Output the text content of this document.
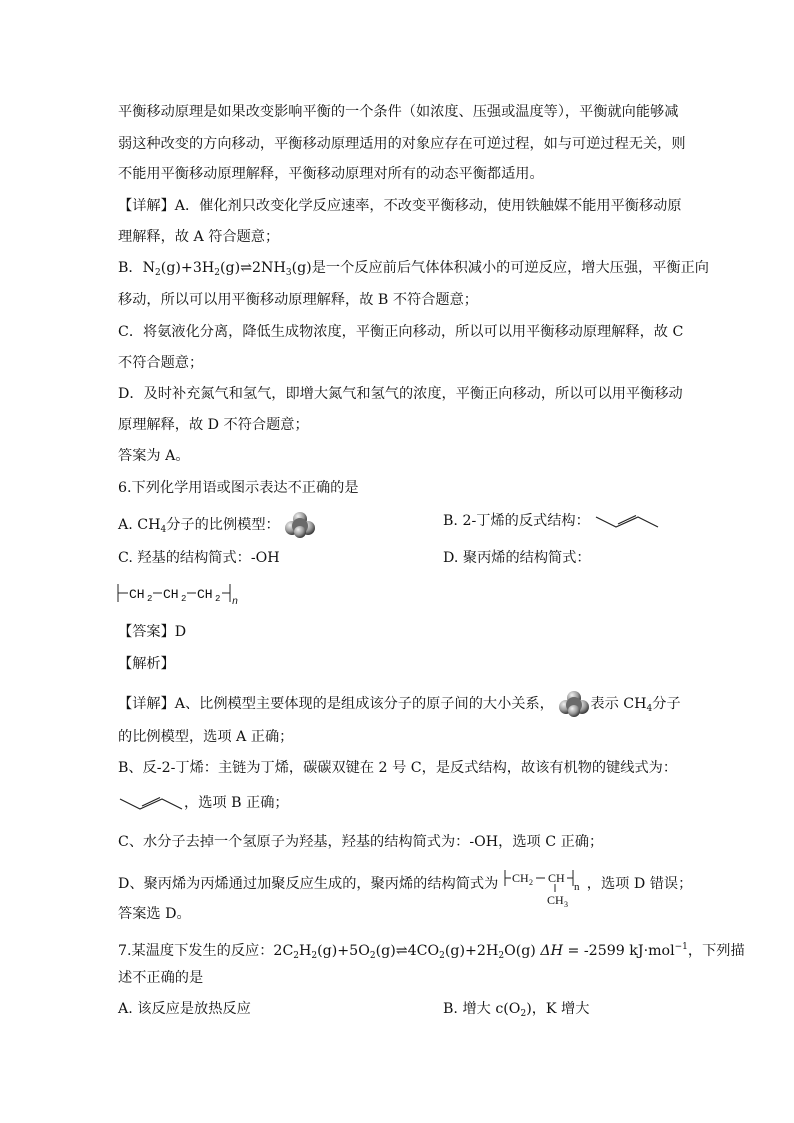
平衡移动原理是如果改变影响平衡的一个条件（如浓度、压强或温度等），平衡就向能够减
弱这种改变的方向移动，平衡移动原理适用的对象应存在可逆过程，如与可逆过程无关，则
不能用平衡移动原理解释，平衡移动原理对所有的动态平衡都适用。
【详解】A．催化剂只改变化学反应速率，不改变平衡移动，使用铁触媒不能用平衡移动原
理解释，故 A 符合题意；
B．$N_2(g)+3H_2(g)\rightleftharpoons 2NH_3(g)$是一个反应前后气体体积减小的可逆反应，增大压强，平衡正向
移动，所以可以用平衡移动原理解释，故 B 不符合题意；
C．将氨液化分离，降低生成物浓度，平衡正向移动，所以可以用平衡移动原理解释，故 C
不符合题意；
D．及时补充氮气和氢气，即增大氮气和氢气的浓度，平衡正向移动，所以可以用平衡移动
原理解释，故 D 不符合题意；
答案为 A。
6.下列化学用语或图示表达不正确的是
A. $CH_4$分子的比例模型：	B. 2-丁烯的反式结构：
C. 羟基的结构简式：-OH	D. 聚丙烯的结构简式：
CH 2 CH 2 CH 2 n
【答案】D
【解析】
【详解】A、比例模型主要体现的是组成该分子的原子间的大小关系，	表示 $CH_4$分子
的比例模型，选项 A 正确；
B、反-2-丁烯：主链为丁烯，碳碳双键在 2 号 C，是反式结构，故该有机物的键线式为：
，选项 B 正确；
C、水分子去掉一个氢原子为羟基，羟基的结构简式为：-OH，选项 C 正确；
D、聚丙烯为丙烯通过加聚反应生成的，聚丙烯的结构简式为 CH 2 CH
n
CH 3
，选项 D 错误；
答案选 D。
7.某温度下发生的反应：$2C_2H_2(g)+5O_2(g)\rightleftharpoons 4CO_2(g)+2H_2O(g) \Delta H = -2599$ kJ·mol$^{-1}$，下列描
述不正确的是
A. 该反应是放热反应	B. 增大 $c(O_2)$，K 增大
